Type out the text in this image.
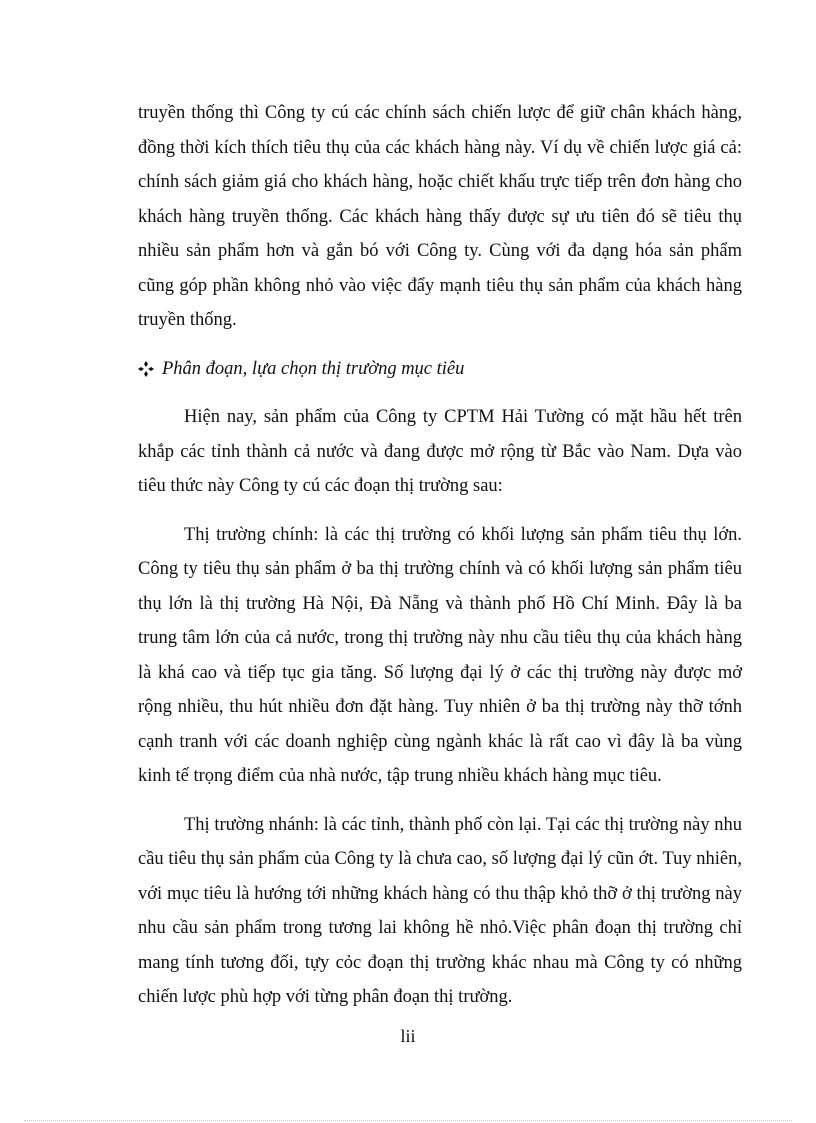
truyền thống thì Công ty cú các chính sách chiến lược để giữ chân khách hàng, đồng thời kích thích tiêu thụ của các khách hàng này. Ví dụ về chiến lược giá cả: chính sách giảm giá cho khách hàng, hoặc chiết khấu trực tiếp trên đơn hàng cho khách hàng truyền thống. Các khách hàng thấy được sự ưu tiên đó sẽ tiêu thụ nhiều sản phẩm hơn và gắn bó với Công ty. Cùng với đa dạng hóa sản phẩm cũng góp phần không nhỏ vào việc đẩy mạnh tiêu thụ sản phẩm của khách hàng truyền thống.

Phân đoạn, lựa chọn thị trường mục tiêu

Hiện nay, sản phẩm của Công ty CPTM Hải Tường có mặt hầu hết trên khắp các tỉnh thành cả nước và đang được mở rộng từ Bắc vào Nam. Dựa vào tiêu thức này Công ty cú các đoạn thị trường sau:

Thị trường chính: là các thị trường có khối lượng sản phẩm tiêu thụ lớn. Công ty tiêu thụ sản phẩm ở ba thị trường chính và có khối lượng sản phẩm tiêu thụ lớn là thị trường Hà Nội, Đà Nẵng và thành phố Hồ Chí Minh. Đây là ba trung tâm lớn của cả nước, trong thị trường này nhu cầu tiêu thụ của khách hàng là khá cao và tiếp tục gia tăng. Số lượng đại lý ở các thị trường này được mở rộng nhiều, thu hút nhiều đơn đặt hàng. Tuy nhiên ở ba thị trường này thỡ tớnh cạnh tranh với các doanh nghiệp cùng ngành khác là rất cao vì đây là ba vùng kinh tế trọng điểm của nhà nước, tập trung nhiều khách hàng mục tiêu.

Thị trường nhánh: là các tỉnh, thành phố còn lại. Tại các thị trường này nhu cầu tiêu thụ sản phẩm của Công ty là chưa cao, số lượng đại lý cũn ớt. Tuy nhiên, với mục tiêu là hướng tới những khách hàng có thu thập khỏ thỡ ở thị trường này nhu cầu sản phẩm trong tương lai không hề nhỏ.Việc phân đoạn thị trường chỉ mang tính tương đối, tựy cỏc đoạn thị trường khác nhau mà Công ty có những chiến lược phù hợp với từng phân đoạn thị trường.

lii
